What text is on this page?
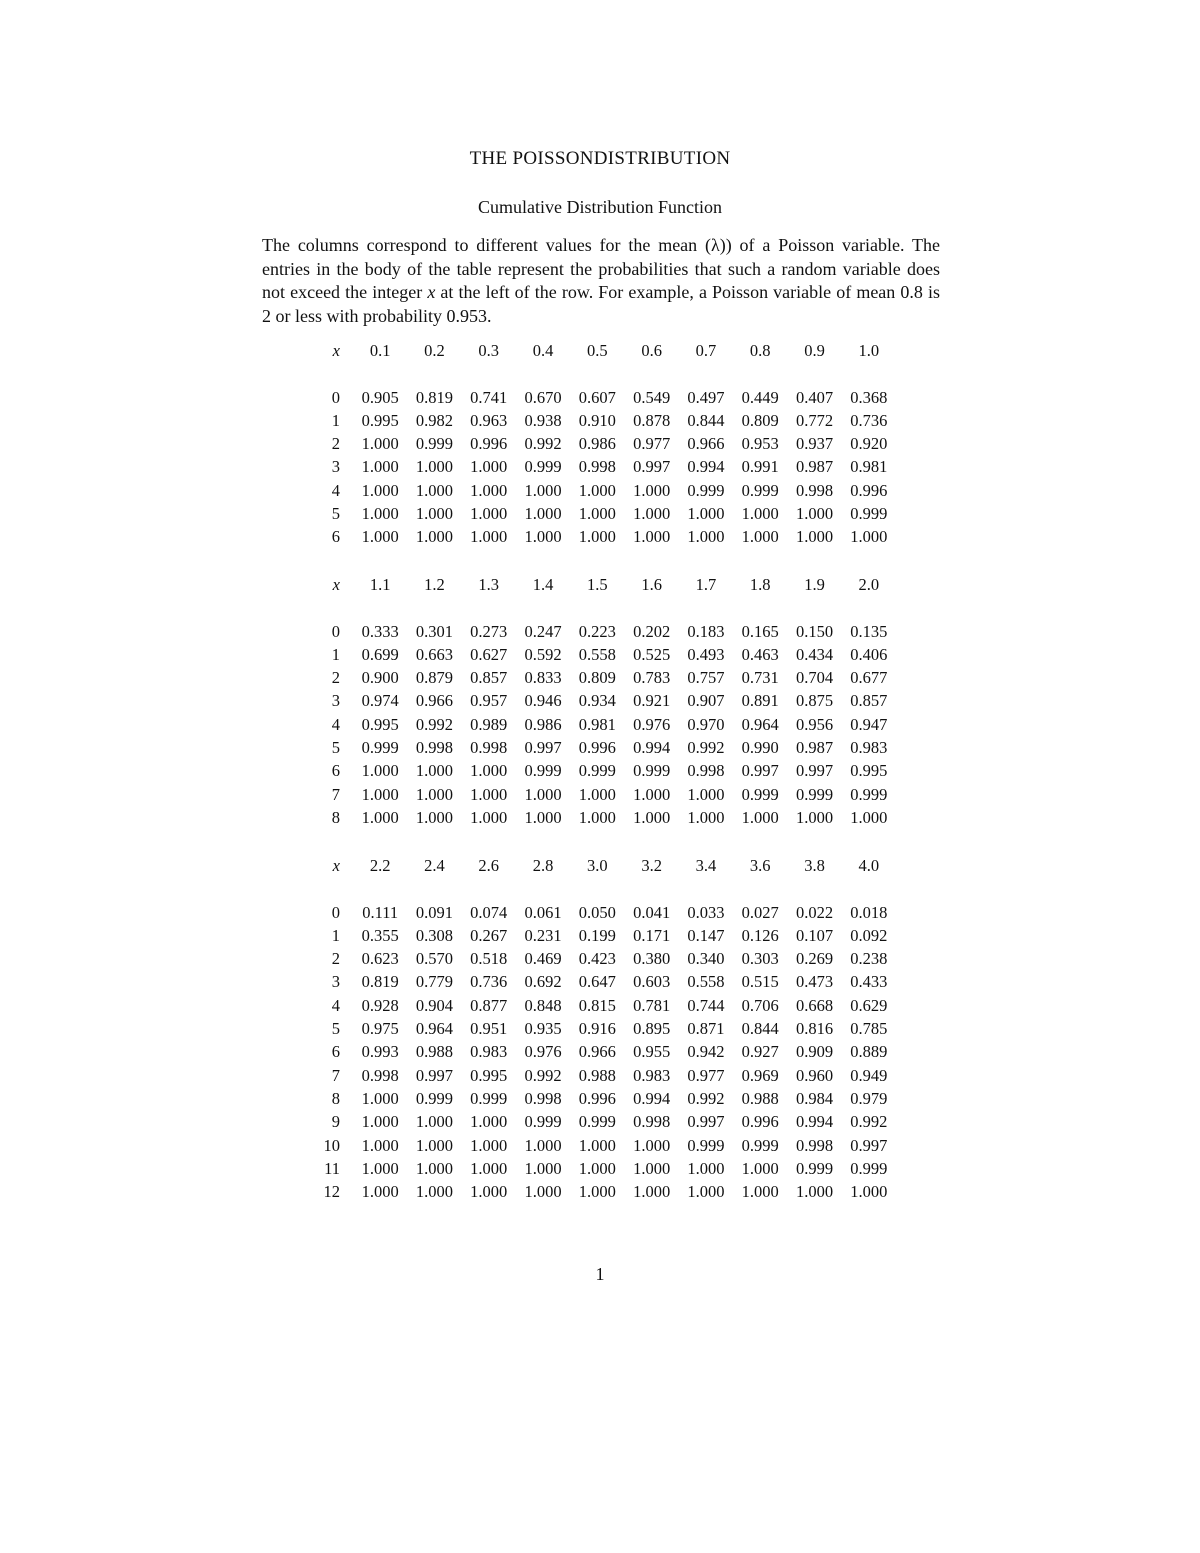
THE POISSONDISTRIBUTION
Cumulative Distribution Function

The columns correspond to different values for the mean (λ)) of a Poisson variable. The entries in the body of the table represent the probabilities that such a random variable does not exceed the integer x at the left of the row. For example, a Poisson variable of mean 0.8 is 2 or less with probability 0.953.

x	0.1	0.2	0.3	0.4	0.5	0.6	0.7	0.8	0.9	1.0

0	0.905	0.819	0.741	0.670	0.607	0.549	0.497	0.449	0.407	0.368
1	0.995	0.982	0.963	0.938	0.910	0.878	0.844	0.809	0.772	0.736
2	1.000	0.999	0.996	0.992	0.986	0.977	0.966	0.953	0.937	0.920
3	1.000	1.000	1.000	0.999	0.998	0.997	0.994	0.991	0.987	0.981
4	1.000	1.000	1.000	1.000	1.000	1.000	0.999	0.999	0.998	0.996
5	1.000	1.000	1.000	1.000	1.000	1.000	1.000	1.000	1.000	0.999
6	1.000	1.000	1.000	1.000	1.000	1.000	1.000	1.000	1.000	1.000
x	1.1	1.2	1.3	1.4	1.5	1.6	1.7	1.8	1.9	2.0

0	0.333	0.301	0.273	0.247	0.223	0.202	0.183	0.165	0.150	0.135
1	0.699	0.663	0.627	0.592	0.558	0.525	0.493	0.463	0.434	0.406
2	0.900	0.879	0.857	0.833	0.809	0.783	0.757	0.731	0.704	0.677
3	0.974	0.966	0.957	0.946	0.934	0.921	0.907	0.891	0.875	0.857
4	0.995	0.992	0.989	0.986	0.981	0.976	0.970	0.964	0.956	0.947
5	0.999	0.998	0.998	0.997	0.996	0.994	0.992	0.990	0.987	0.983
6	1.000	1.000	1.000	0.999	0.999	0.999	0.998	0.997	0.997	0.995
7	1.000	1.000	1.000	1.000	1.000	1.000	1.000	0.999	0.999	0.999
8	1.000	1.000	1.000	1.000	1.000	1.000	1.000	1.000	1.000	1.000
x	2.2	2.4	2.6	2.8	3.0	3.2	3.4	3.6	3.8	4.0

0	0.111	0.091	0.074	0.061	0.050	0.041	0.033	0.027	0.022	0.018
1	0.355	0.308	0.267	0.231	0.199	0.171	0.147	0.126	0.107	0.092
2	0.623	0.570	0.518	0.469	0.423	0.380	0.340	0.303	0.269	0.238
3	0.819	0.779	0.736	0.692	0.647	0.603	0.558	0.515	0.473	0.433
4	0.928	0.904	0.877	0.848	0.815	0.781	0.744	0.706	0.668	0.629
5	0.975	0.964	0.951	0.935	0.916	0.895	0.871	0.844	0.816	0.785
6	0.993	0.988	0.983	0.976	0.966	0.955	0.942	0.927	0.909	0.889
7	0.998	0.997	0.995	0.992	0.988	0.983	0.977	0.969	0.960	0.949
8	1.000	0.999	0.999	0.998	0.996	0.994	0.992	0.988	0.984	0.979
9	1.000	1.000	1.000	0.999	0.999	0.998	0.997	0.996	0.994	0.992
10	1.000	1.000	1.000	1.000	1.000	1.000	0.999	0.999	0.998	0.997
11	1.000	1.000	1.000	1.000	1.000	1.000	1.000	1.000	0.999	0.999
12	1.000	1.000	1.000	1.000	1.000	1.000	1.000	1.000	1.000	1.000
1
